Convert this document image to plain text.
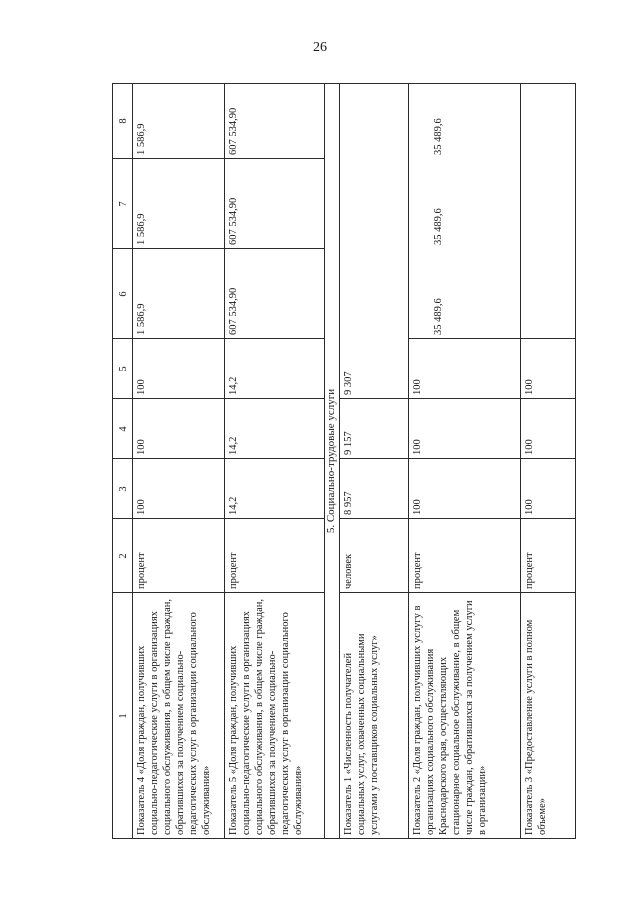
26
1
2
3
4
5
6
7
8
Показатель 4 «Доля граждан, получивших социально-педагогические услуги в организациях социального обслуживания, в общем числе граждан, обратившихся за получением социально-педагогических услуг в организации социального обслуживания»
процент
100
100
100
1 586,9
1 586,9
1 586,9
Показатель 5 «Доля граждан, получивших социально-педагогические услуги в организациях социального обслуживания, в общем числе граждан, обратившихся за получением социально-педагогических услуг в организации социального обслуживания»
процент
14,2
14,2
14,2
607 534,90
607 534,90
607 534,90
5. Социально-трудовые услуги
Показатель 1 «Численность получателей социальных услуг, охваченных социальными услугами у поставщиков социальных услуг»
человек
8 957
9 157
9 307
Показатель 2 «Доля граждан, получивших услугу в организациях социального обслуживания Краснодарского края, осуществляющих стационарное социальное обслуживание, в общем числе граждан, обратившихся за получением услуги в организации»
процент
100
100
100
35 489,6
35 489,6
35 489,6
Показатель 3 «Предоставление услуги в полном объеме»
процент
100
100
100
